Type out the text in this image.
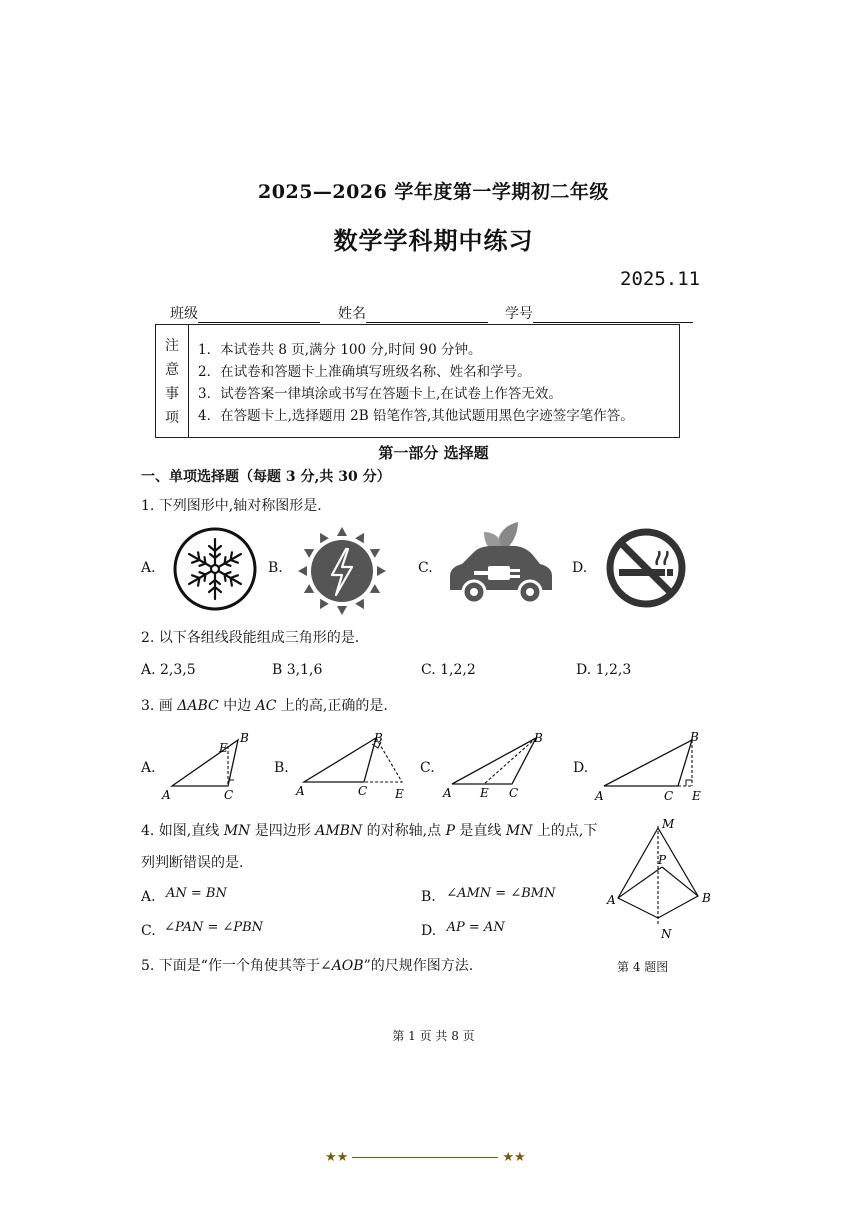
2025—2026 学年度第一学期初二年级
数学学科期中练习
2025.11
班级	姓名	学号
注
意
事
项
1．本试卷共 8 页,满分 100 分,时间 90 分钟。
2．在试卷和答题卡上准确填写班级名称、姓名和学号。
3．试卷答案一律填涂或书写在答题卡上,在试卷上作答无效。
4．在答题卡上,选择题用 2B 铅笔作答,其他试题用黑色字迹签字笔作答。
第一部分 选择题
一、单项选择题（每题 3 分,共 30 分）
1. 下列图形中,轴对称图形是.
A.	B.	C.	D.
2. 以下各组线段能组成三角形的是.
A. 2,3,5	B 3,1,6	C. 1,2,2	D. 1,2,3
3. 画 ΔABC 中边 AC 上的高,正确的是.
A.	B.	C.	D.
A	C
B
E
A	C
B
E	A E C
B
A	C
B
E
4. 如图,直线 MN 是四边形 AMBN 的对称轴,点 P 是直线 MN 上的点,下
列判断错误的是.
A. AN = BN	B. ∠AMN = ∠BMN
C. ∠PAN = ∠PBN	D. AP = AN
M
P
A	B
N
第 4 题图
5. 下面是“作一个角使其等于∠AOB”的尺规作图方法.
第 1 页 共 8 页
★★	★★
